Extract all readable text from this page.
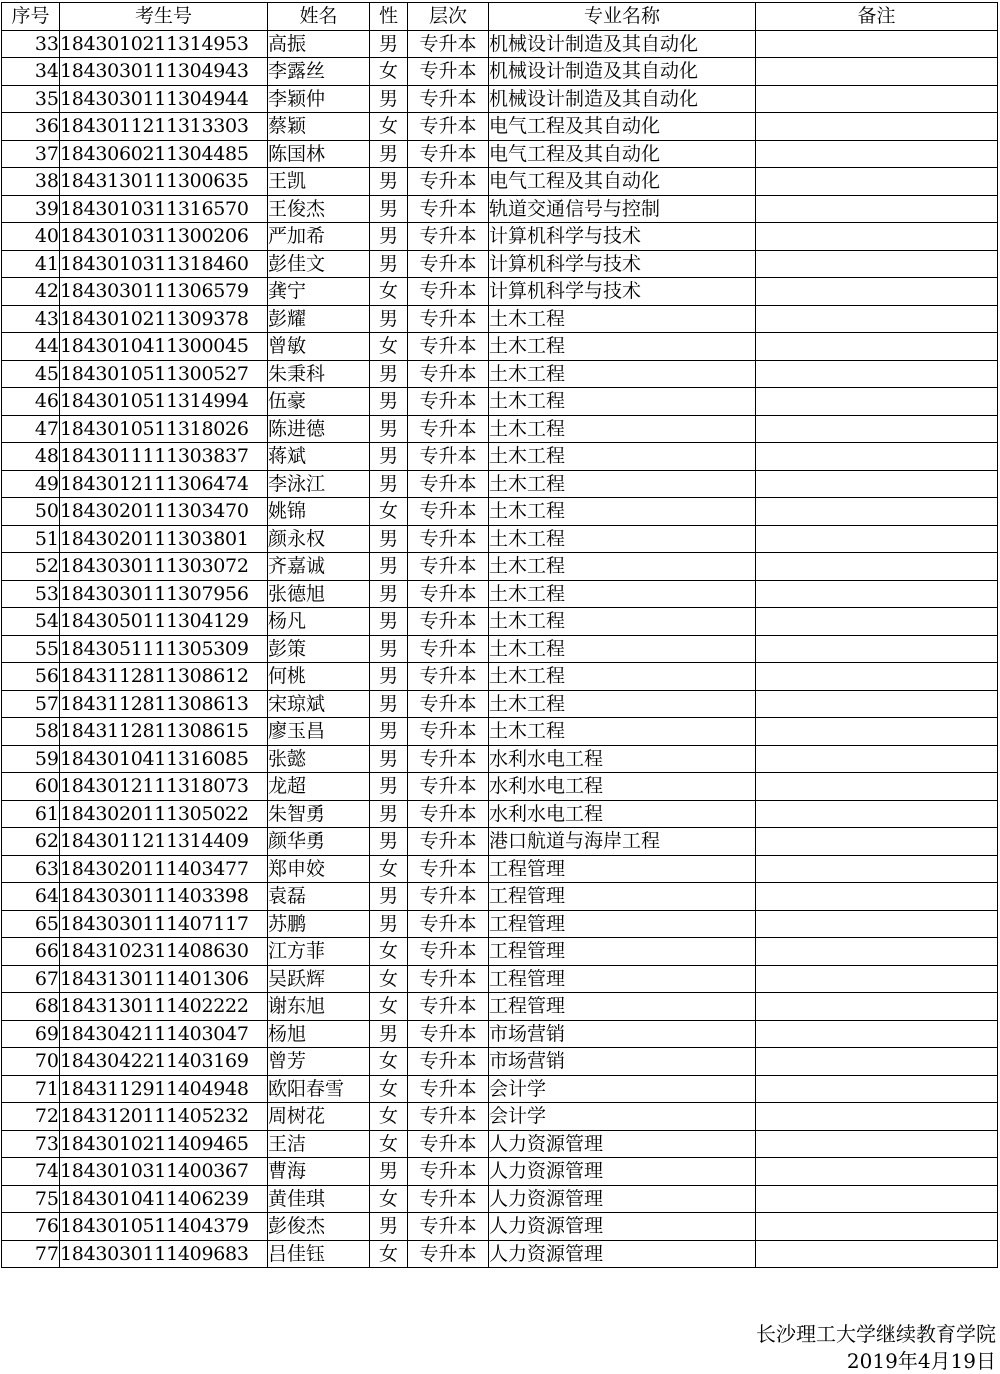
序号	考生号	姓名	性	层次	专业名称	备注
33	1843010211314953	高振	男	专升本	机械设计制造及其自动化	
34	1843030111304943	李露丝	女	专升本	机械设计制造及其自动化	
35	1843030111304944	李颖仲	男	专升本	机械设计制造及其自动化	
36	1843011211313303	蔡颖	女	专升本	电气工程及其自动化	
37	1843060211304485	陈国林	男	专升本	电气工程及其自动化	
38	1843130111300635	王凯	男	专升本	电气工程及其自动化	
39	1843010311316570	王俊杰	男	专升本	轨道交通信号与控制	
40	1843010311300206	严加希	男	专升本	计算机科学与技术	
41	1843010311318460	彭佳文	男	专升本	计算机科学与技术	
42	1843030111306579	龚宁	女	专升本	计算机科学与技术	
43	1843010211309378	彭耀	男	专升本	土木工程	
44	1843010411300045	曾敏	女	专升本	土木工程	
45	1843010511300527	朱秉科	男	专升本	土木工程	
46	1843010511314994	伍豪	男	专升本	土木工程	
47	1843010511318026	陈进德	男	专升本	土木工程	
48	1843011111303837	蒋斌	男	专升本	土木工程	
49	1843012111306474	李泳江	男	专升本	土木工程	
50	1843020111303470	姚锦	女	专升本	土木工程	
51	1843020111303801	颜永权	男	专升本	土木工程	
52	1843030111303072	齐嘉诚	男	专升本	土木工程	
53	1843030111307956	张德旭	男	专升本	土木工程	
54	1843050111304129	杨凡	男	专升本	土木工程	
55	1843051111305309	彭策	男	专升本	土木工程	
56	1843112811308612	何桃	男	专升本	土木工程	
57	1843112811308613	宋琼斌	男	专升本	土木工程	
58	1843112811308615	廖玉昌	男	专升本	土木工程	
59	1843010411316085	张懿	男	专升本	水利水电工程	
60	1843012111318073	龙超	男	专升本	水利水电工程	
61	1843020111305022	朱智勇	男	专升本	水利水电工程	
62	1843011211314409	颜华勇	男	专升本	港口航道与海岸工程	
63	1843020111403477	郑申姣	女	专升本	工程管理	
64	1843030111403398	袁磊	男	专升本	工程管理	
65	1843030111407117	苏鹏	男	专升本	工程管理	
66	1843102311408630	江方菲	女	专升本	工程管理	
67	1843130111401306	吴跃辉	女	专升本	工程管理	
68	1843130111402222	谢东旭	女	专升本	工程管理	
69	1843042111403047	杨旭	男	专升本	市场营销	
70	1843042211403169	曾芳	女	专升本	市场营销	
71	1843112911404948	欧阳春雪	女	专升本	会计学	
72	1843120111405232	周树花	女	专升本	会计学	
73	1843010211409465	王洁	女	专升本	人力资源管理	
74	1843010311400367	曹海	男	专升本	人力资源管理	
75	1843010411406239	黄佳琪	女	专升本	人力资源管理	
76	1843010511404379	彭俊杰	男	专升本	人力资源管理	
77	1843030111409683	吕佳钰	女	专升本	人力资源管理	
长沙理工大学继续教育学院
2019年4月19日
